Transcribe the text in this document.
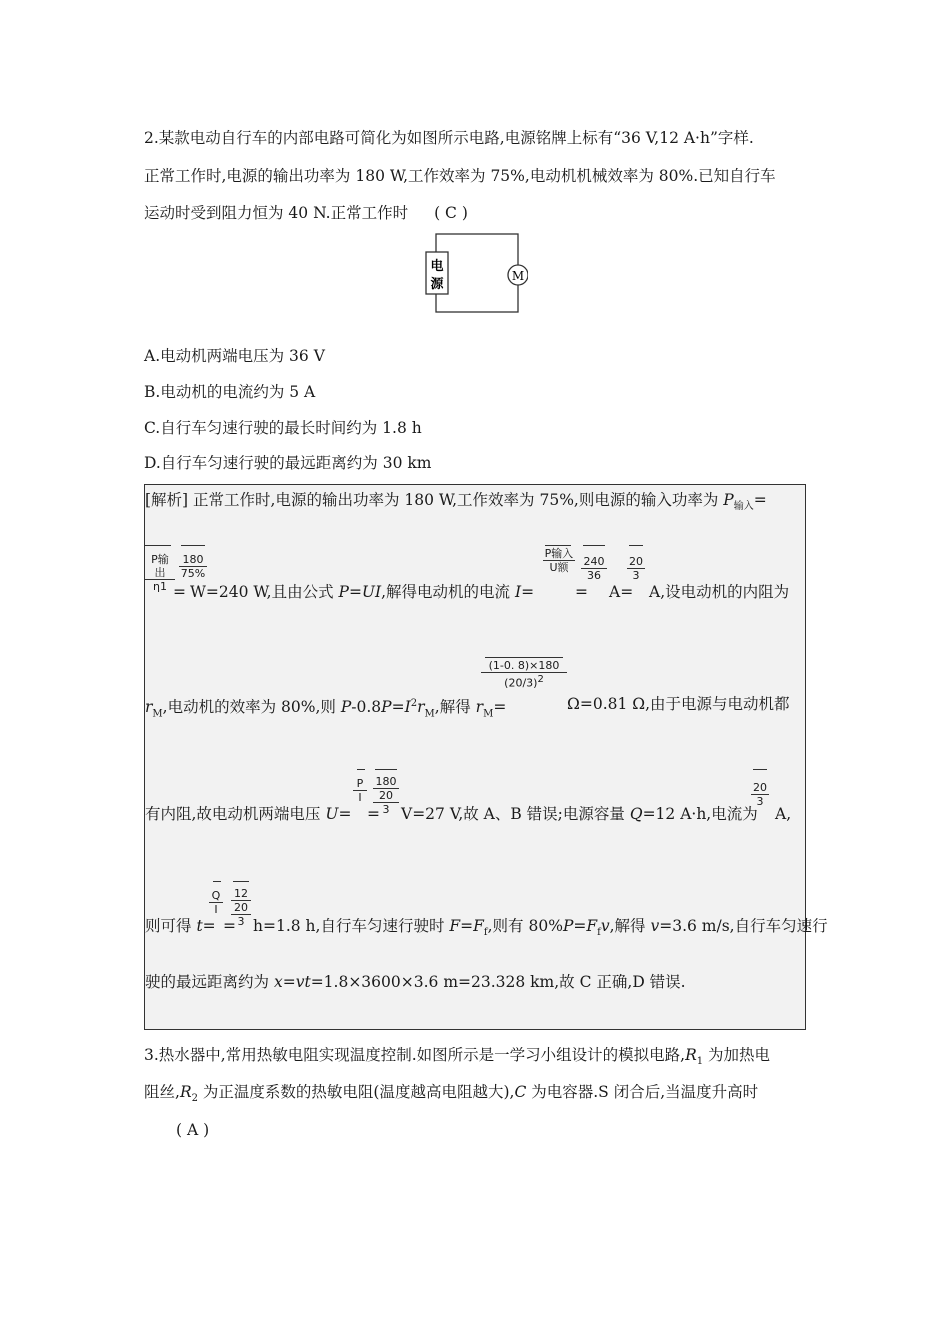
2.某款电动自行车的内部电路可简化为如图所示电路,电源铭牌上标有“36 V,12 A·h”字样.
正常工作时,电源的输出功率为 180 W,工作效率为 75%,电动机机械效率为 80%.已知自行车
运动时受到阻力恒为 40 N.正常工作时 ( C )
电
源
M
A.电动机两端电压为 36 V
B.电动机的电流约为 5 A
C.自行车匀速行驶的最长时间约为 1.8 h
D.自行车匀速行驶的最远距离约为 30 km
[解析] 正常工作时,电源的输出功率为 180 W,工作效率为 75%,则电源的输入功率为 $P_{输入}=$
P输出
η1
$\frac{180}{75\%}$
= W=240 W,且由公式 P=UI,解得电动机的电流 I=
P输入
U额
=
$\frac{240}{36}$
A=
$\frac{20}{3}$
A,设电动机的内阻为
$r_M$,电动机的效率为 80%,则 $P-0.8P=I^2r_M$,解得 $r_M=$
$\frac{(1-0. 8)\times 180}{(20/3)^2}$
Ω=0.81 Ω,由于电源与电动机都
有内阻,故电动机两端电压 U=
$\frac{P}{I}$
=
180
20
3 V=27 V,故 A、B 错误;电源容量 Q=12 A·h,电流为
$\frac{20}{3}$
A,
则可得 t=
$\frac{Q}{I}$
=
12
20
3 h=1.8 h,自行车匀速行驶时 $F=F_f$,则有 $80\%P=F_fv$,解得 v=3.6 m/s,自行车匀速行
驶的最远距离约为 x=vt=1.8×3600×3.6 m=23.328 km,故 C 正确,D 错误.
3.热水器中,常用热敏电阻实现温度控制.如图所示是一学习小组设计的模拟电路$,R_1$ 为加热电
阻丝$,R_2$ 为正温度系数的热敏电阻(温度越高电阻越大),C 为电容器.S 闭合后,当温度升高时
( A )
